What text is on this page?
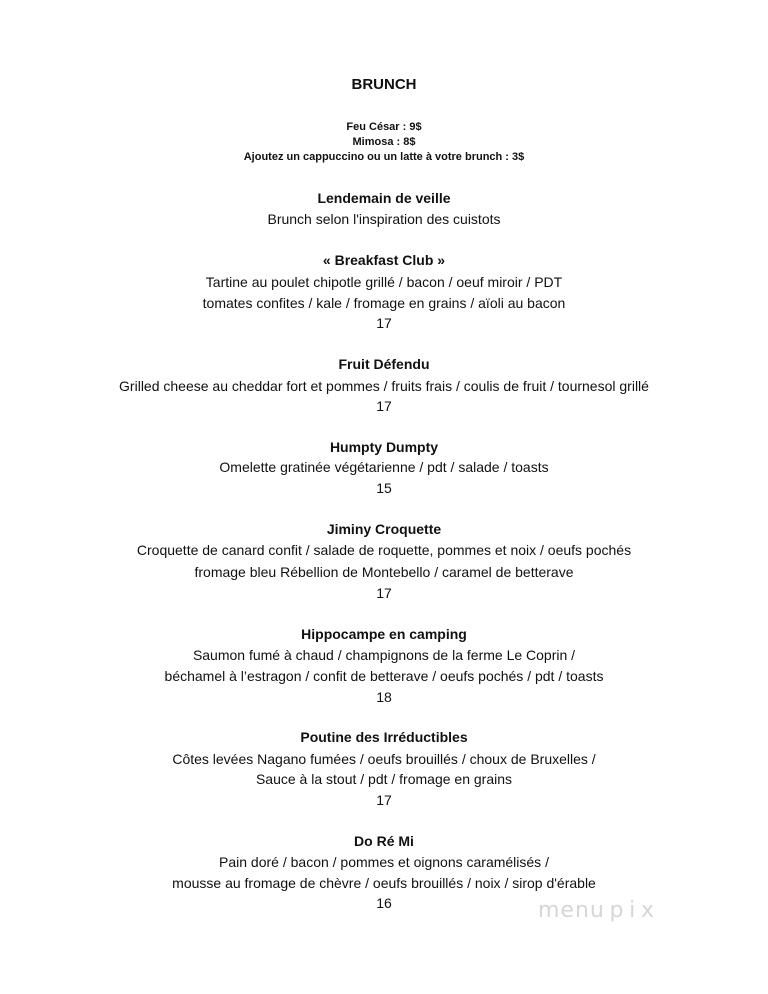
BRUNCH
Feu César : 9$
Mimosa : 8$
Ajoutez un cappuccino ou un latte à votre brunch : 3$
Lendemain de veille
Brunch selon l'inspiration des cuistots
« Breakfast Club »
Tartine au poulet chipotle grillé / bacon / oeuf miroir / PDT
tomates confites / kale / fromage en grains / aïoli au bacon
17
Fruit Défendu
Grilled cheese au cheddar fort et pommes / fruits frais / coulis de fruit / tournesol grillé
17
Humpty Dumpty
Omelette gratinée végétarienne / pdt / salade / toasts
15
Jiminy Croquette
Croquette de canard confit / salade de roquette, pommes et noix / oeufs pochés
fromage bleu Rébellion de Montebello / caramel de betterave
17
Hippocampe en camping
Saumon fumé à chaud / champignons de la ferme Le Coprin /
béchamel à l’estragon / confit de betterave / oeufs pochés / pdt / toasts
18
Poutine des Irréductibles
Côtes levées Nagano fumées / oeufs brouillés / choux de Bruxelles /
Sauce à la stout / pdt / fromage en grains
17
Do Ré Mi
Pain doré / bacon / pommes et oignons caramélisés /
mousse au fromage de chèvre / oeufs brouillés / noix / sirop d'érable
16	menu p i x
